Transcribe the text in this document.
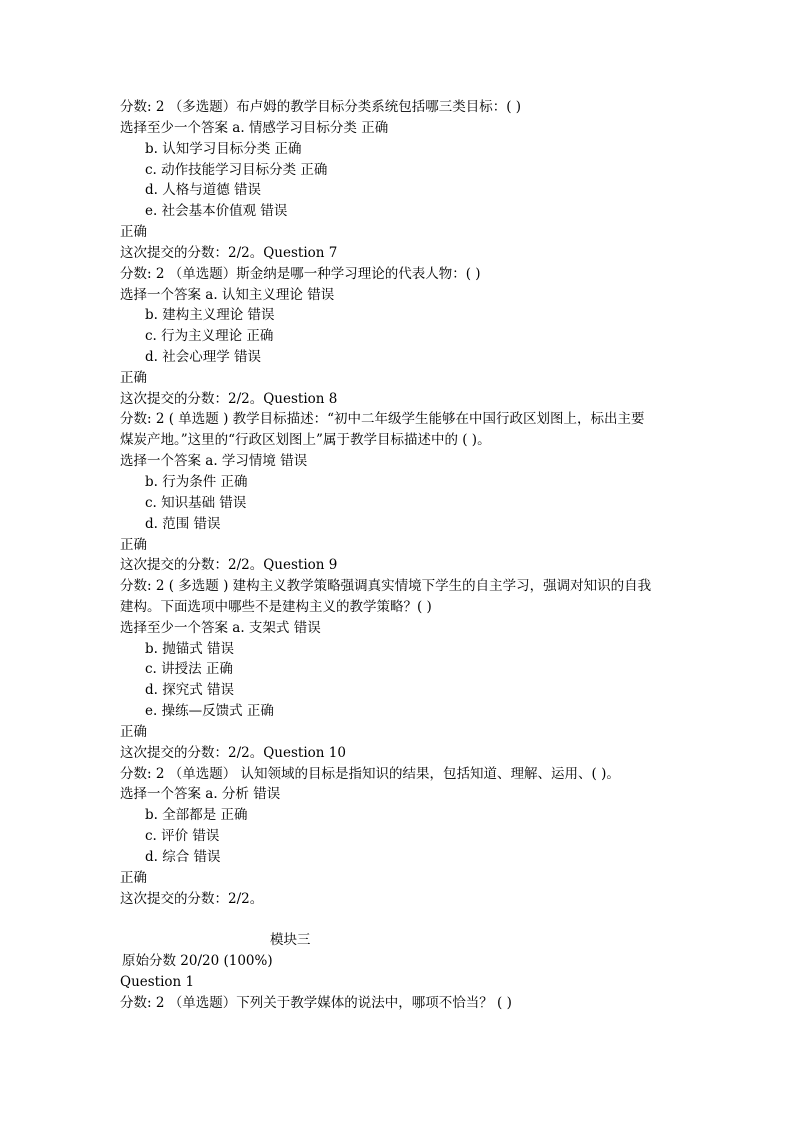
分数: 2 （多选题）布卢姆的教学目标分类系统包括哪三类目标：( )
选择至少一个答案 a. 情感学习目标分类 正确
b. 认知学习目标分类 正确
c. 动作技能学习目标分类 正确
d. 人格与道德 错误
e. 社会基本价值观 错误
正确
这次提交的分数：2/2。Question 7
分数: 2 （单选题）斯金纳是哪一种学习理论的代表人物：( )
选择一个答案 a. 认知主义理论 错误
b. 建构主义理论 错误
c. 行为主义理论 正确
d. 社会心理学 错误
正确
这次提交的分数：2/2。Question 8
分数: 2 ( 单选题 ) 教学目标描述：“初中二年级学生能够在中国行政区划图上，标出主要
煤炭产地。”这里的“行政区划图上”属于教学目标描述中的 ( )。
选择一个答案 a. 学习情境 错误
b. 行为条件 正确
c. 知识基础 错误
d. 范围 错误
正确
这次提交的分数：2/2。Question 9
分数: 2 ( 多选题 ) 建构主义教学策略强调真实情境下学生的自主学习，强调对知识的自我
建构。下面选项中哪些不是建构主义的教学策略？( )
选择至少一个答案 a. 支架式 错误
b. 抛锚式 错误
c. 讲授法 正确
d. 探究式 错误
e. 操练—反馈式 正确
正确
这次提交的分数：2/2。Question 10
分数: 2 （单选题） 认知领域的目标是指知识的结果，包括知道、理解、运用、( )。
选择一个答案 a. 分析 错误
b. 全部都是 正确
c. 评价 错误
d. 综合 错误
正确
这次提交的分数：2/2。
模块三
原始分数 20/20 (100%)
Question 1
分数: 2 （单选题）下列关于教学媒体的说法中，哪项不恰当？ ( )
